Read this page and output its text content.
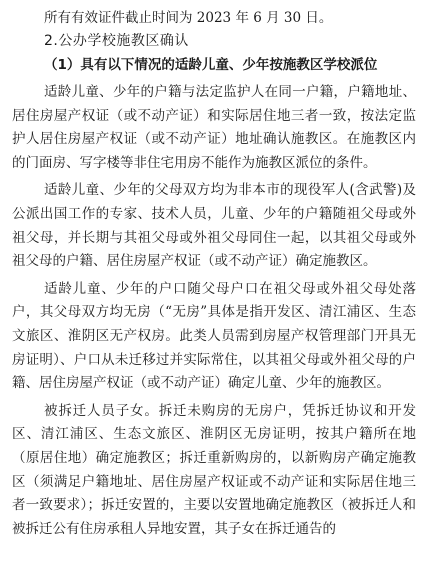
所有有效证件截止时间为 2023 年 6 月 30 日。

2.公办学校施教区确认

（1）具有以下情况的适龄儿童、少年按施教区学校派位

适龄儿童、少年的户籍与法定监护人在同一户籍，户籍地址、居住房屋产权证（或不动产证）和实际居住地三者一致，按法定监护人居住房屋产权证（或不动产证）地址确认施教区。在施教区内的门面房、写字楼等非住宅用房不能作为施教区派位的条件。

适龄儿童、少年的父母双方均为非本市的现役军人(含武警)及公派出国工作的专家、技术人员，儿童、少年的户籍随祖父母或外祖父母，并长期与其祖父母或外祖父母同住一起，以其祖父母或外祖父母的户籍、居住房屋产权证（或不动产证）确定施教区。

适龄儿童、少年的户口随父母户口在祖父母或外祖父母处落户，其父母双方均无房（“无房”具体是指开发区、清江浦区、生态文旅区、淮阴区无产权房。此类人员需到房屋产权管理部门开具无房证明）、户口从未迁移过并实际常住，以其祖父母或外祖父母的户籍、居住房屋产权证（或不动产证）确定儿童、少年的施教区。

被拆迁人员子女。拆迁未购房的无房户，凭拆迁协议和开发区、清江浦区、生态文旅区、淮阴区无房证明，按其户籍所在地（原居住地）确定施教区；拆迁重新购房的，以新购房产确定施教区（须满足户籍地址、居住房屋产权证或不动产证和实际居住地三者一致要求）；拆迁安置的，主要以安置地确定施教区（被拆迁人和被拆迁公有住房承租人异地安置，其子女在拆迁通告的
